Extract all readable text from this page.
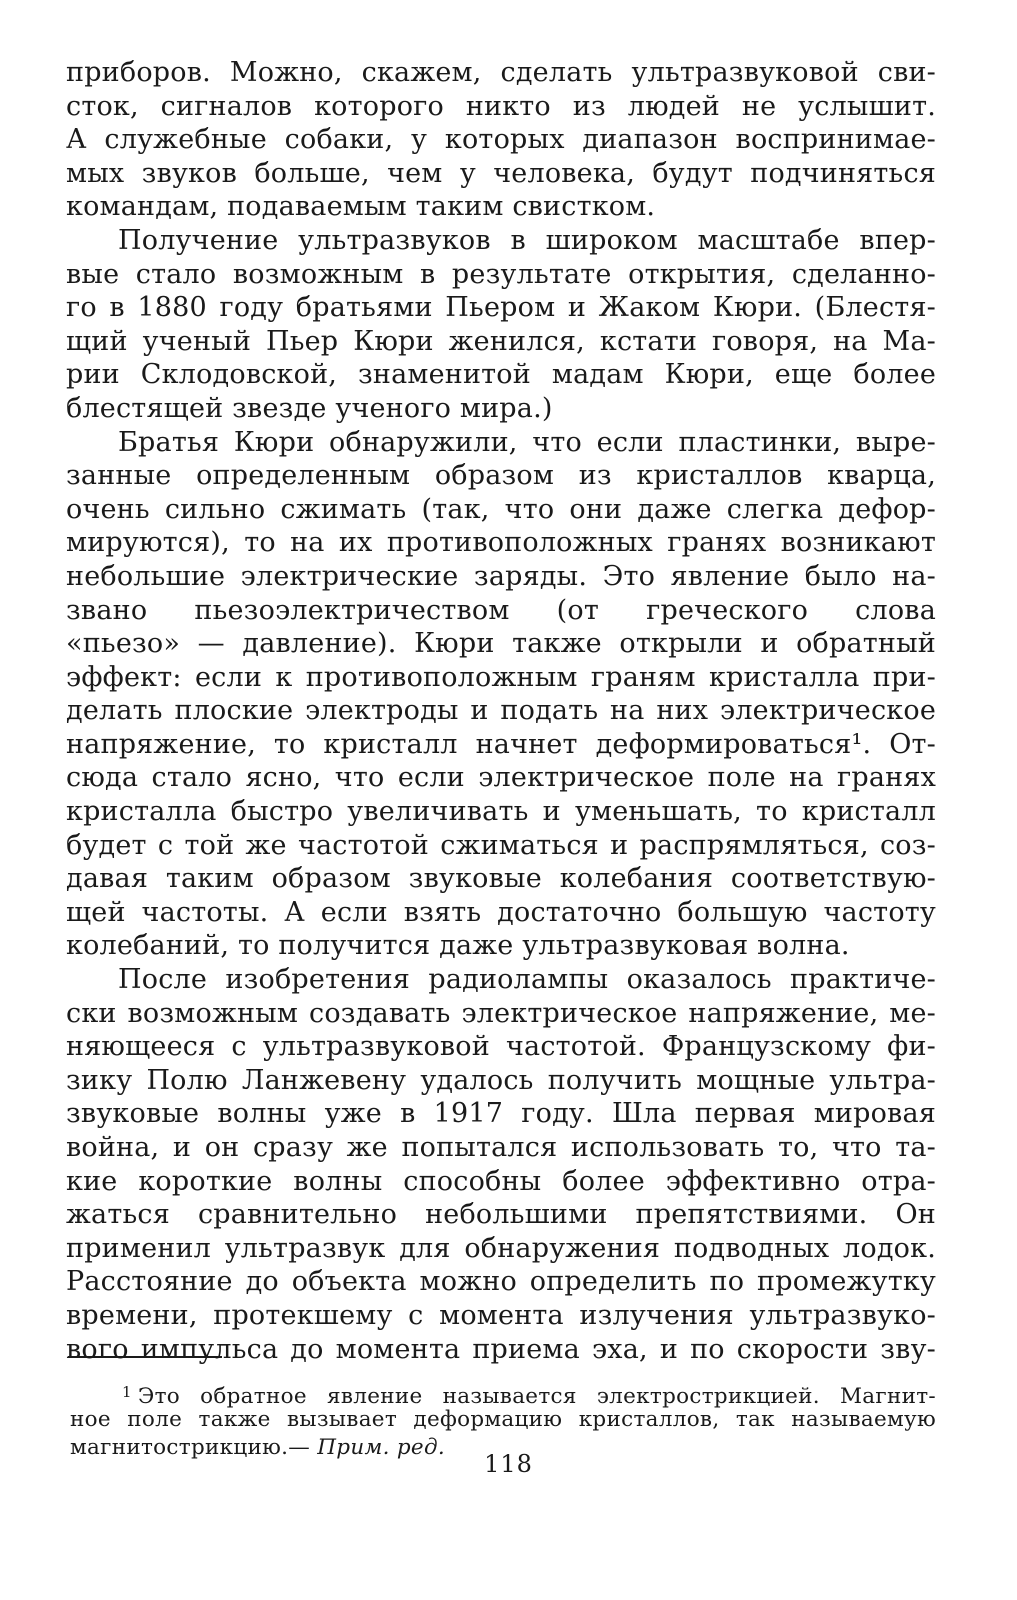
приборов. Можно, скажем, сделать ультразвуковой сви-
сток, сигналов которого никто из людей не услышит.
А служебные собаки, у которых диапазон воспринимае-
мых звуков больше, чем у человека, будут подчиняться
командам, подаваемым таким свистком.
Получение ультразвуков в широком масштабе впер-
вые стало возможным в результате открытия, сделанно-
го в 1880 году братьями Пьером и Жаком Кюри. (Блестя-
щий ученый Пьер Кюри женился, кстати говоря, на Ма-
рии Склодовской, знаменитой мадам Кюри, еще более
блестящей звезде ученого мира.)
Братья Кюри обнаружили, что если пластинки, выре-
занные определенным образом из кристаллов кварца,
очень сильно сжимать (так, что они даже слегка дефор-
мируются), то на их противоположных гранях возникают
небольшие электрические заряды. Это явление было на-
звано пьезоэлектричеством (от греческого слова
«пьезо» — давление). Кюри также открыли и обратный
эффект: если к противоположным граням кристалла при-
делать плоские электроды и подать на них электрическое
напряжение, то кристалл начнет деформироваться¹. От-
сюда стало ясно, что если электрическое поле на гранях
кристалла быстро увеличивать и уменьшать, то кристалл
будет с той же частотой сжиматься и распрямляться, соз-
давая таким образом звуковые колебания соответствую-
щей частоты. А если взять достаточно большую частоту
колебаний, то получится даже ультразвуковая волна.
После изобретения радиолампы оказалось практиче-
ски возможным создавать электрическое напряжение, ме-
няющееся с ультразвуковой частотой. Французскому фи-
зику Полю Ланжевену удалось получить мощные ультра-
звуковые волны уже в 1917 году. Шла первая мировая
война, и он сразу же попытался использовать то, что та-
кие короткие волны способны более эффективно отра-
жаться сравнительно небольшими препятствиями. Он
применил ультразвук для обнаружения подводных лодок.
Расстояние до объекта можно определить по промежутку
времени, протекшему с момента излучения ультразвуко-
вого импульса до момента приема эха, и по скорости зву-
$^1$ Это обратное явление называется электрострикцией. Магнит-
ное поле также вызывает деформацию кристаллов, так называемую
магнитострикцию.— Прим. ред.
118
